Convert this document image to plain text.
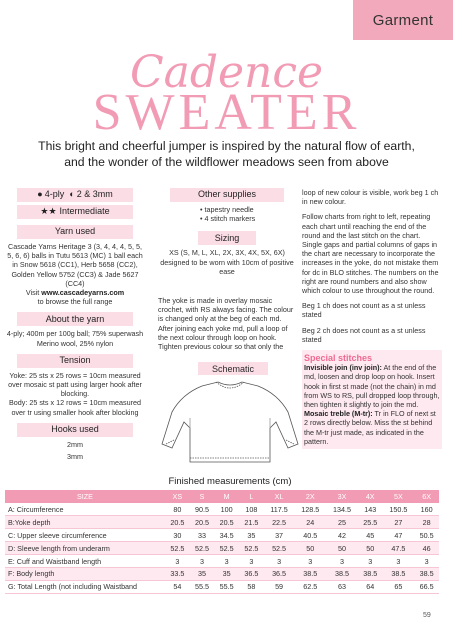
Garment
Cadence
SWEATER
This bright and cheerful jumper is inspired by the natural flow of earth, and the wonder of the wildflower meadows seen from above
● 4-ply ◐ 2 & 3mm
★★ Intermediate
Yarn used
Cascade Yarns Heritage 3 (3, 4, 4, 4, 5, 5, 5, 6, 6) balls in Tutu 5613 (MC) 1 ball each in Snow 5618 (CC1), Herb 5658 (CC2), Golden Yellow 5752 (CC3) & Jade 5627 (CC4)
Visit www.cascadeyarns.com
to browse the full range
About the yarn
4-ply; 400m per 100g ball; 75% superwash Merino wool, 25% nylon
Tension
Yoke: 25 sts x 25 rows = 10cm measured over mosaic st patt using larger hook after blocking.
Body: 25 sts x 12 rows = 10cm measured over tr using smaller hook after blocking
Hooks used
2mm
3mm
Other supplies
• tapestry needle
• 4 stitch markers
Sizing
XS (S, M, L, XL, 2X, 3X, 4X, 5X, 6X) designed to be worn with 10cm of positive ease
The yoke is made in overlay mosaic crochet, with RS always facing. The colour is changed only at the beg of each md. After joining each yoke md, pull a loop of the next colour through loop on hook. Tighten previous colour so that only the
loop of new colour is visible, work beg 1 ch in new colour.
Follow charts from right to left, repeating each chart until reaching the end of the round and the last stitch on the chart. Single gaps and partial columns of gaps in the chart are necessary to incorporate the increases in the yoke, do not mistake them for dc in BLO stitches. The numbers on the right are round numbers and also show which colour to use throughout the round.
Beg 1 ch does not count as a st unless stated
Beg 2 ch does not count as a st unless stated
Special stitches
Invisible join (inv join): At the end of the md, loosen and drop loop on hook. Insert hook in first st made (not the chain) in md from WS to RS, pull dropped loop through, then tighten it slightly to join the md.
Mosaic treble (M-tr): Tr in FLO of next st 2 rows directly below. Miss the st behind the M-tr just made, as indicated in the pattern.
Schematic
Finished measurements (cm)
SIZE	XS	S	M	L	XL	2X	3X	4X	5X	6X
A: Circumference	80	90.5	100	108	117.5	128.5	134.5	143	150.5	160
B:Yoke depth	20.5	20.5	20.5	21.5	22.5	24	25	25.5	27	28
C: Upper sleeve circumference	30	33	34.5	35	37	40.5	42	45	47	50.5
D: Sleeve length from underarm	52.5	52.5	52.5	52.5	52.5	50	50	50	47.5	46
E: Cuff and Waistband length	3	3	3	3	3	3	3	3	3	3
F: Body length	33.5	35	35	36.5	36.5	38.5	38.5	38.5	38.5	38.5
G: Total Length (not including Waistband	54	55.5	55.5	58	59	62.5	63	64	65	66.5
59
